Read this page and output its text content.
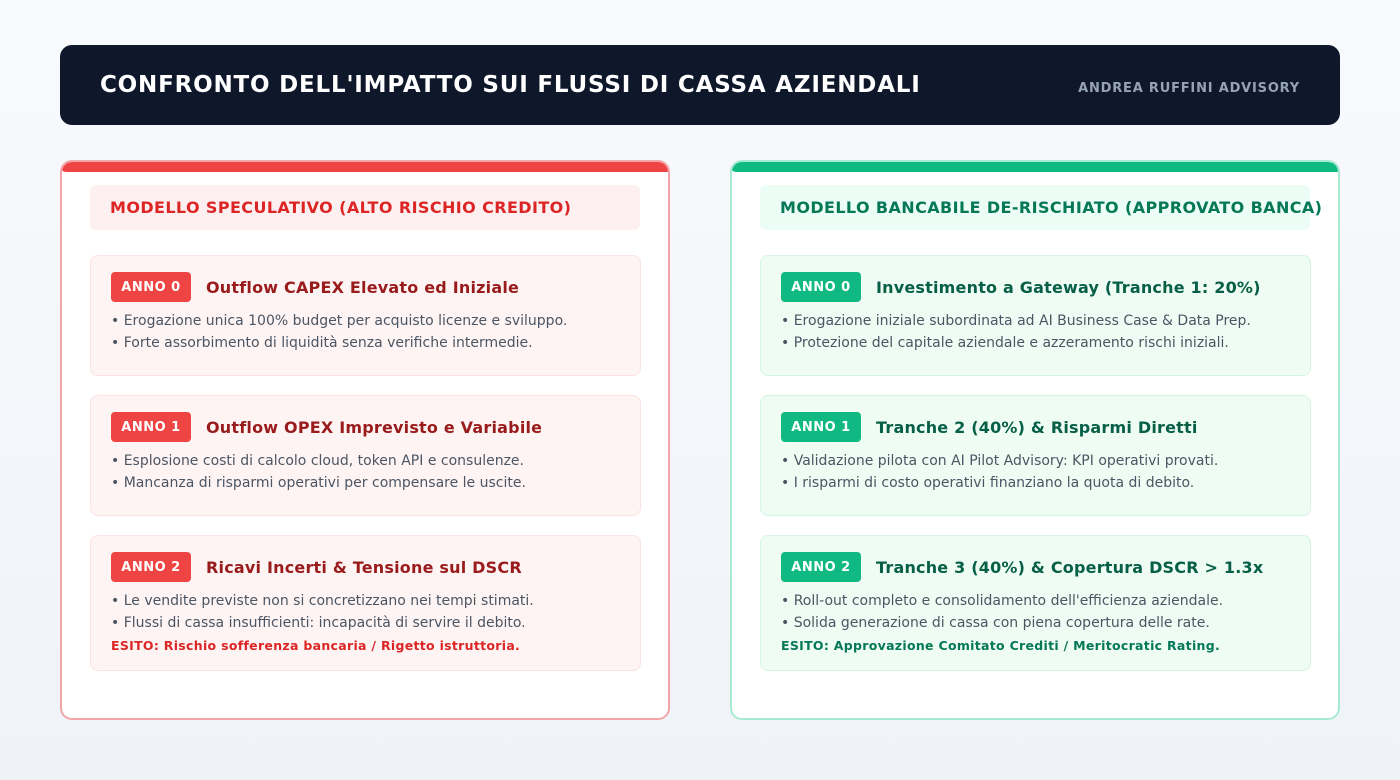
CONFRONTO DELL'IMPATTO SUI FLUSSI DI CASSA AZIENDALI	ANDREA RUFFINI ADVISORY
MODELLO SPECULATIVO (ALTO RISCHIO CREDITO)
ANNO 0	Outflow CAPEX Elevato ed Iniziale
• Erogazione unica 100% budget per acquisto licenze e sviluppo.
• Forte assorbimento di liquidità senza verifiche intermedie.
ANNO 1	Outflow OPEX Imprevisto e Variabile
• Esplosione costi di calcolo cloud, token API e consulenze.
• Mancanza di risparmi operativi per compensare le uscite.
ANNO 2	Ricavi Incerti & Tensione sul DSCR
• Le vendite previste non si concretizzano nei tempi stimati.
• Flussi di cassa insufficienti: incapacità di servire il debito.
ESITO: Rischio sofferenza bancaria / Rigetto istruttoria.
MODELLO BANCABILE DE-RISCHIATO (APPROVATO BANCA)
ANNO 0	Investimento a Gateway (Tranche 1: 20%)
• Erogazione iniziale subordinata ad AI Business Case & Data Prep.
• Protezione del capitale aziendale e azzeramento rischi iniziali.
ANNO 1	Tranche 2 (40%) & Risparmi Diretti
• Validazione pilota con AI Pilot Advisory: KPI operativi provati.
• I risparmi di costo operativi finanziano la quota di debito.
ANNO 2	Tranche 3 (40%) & Copertura DSCR > 1.3x
• Roll-out completo e consolidamento dell'efficienza aziendale.
• Solida generazione di cassa con piena copertura delle rate.
ESITO: Approvazione Comitato Crediti / Meritocratic Rating.
